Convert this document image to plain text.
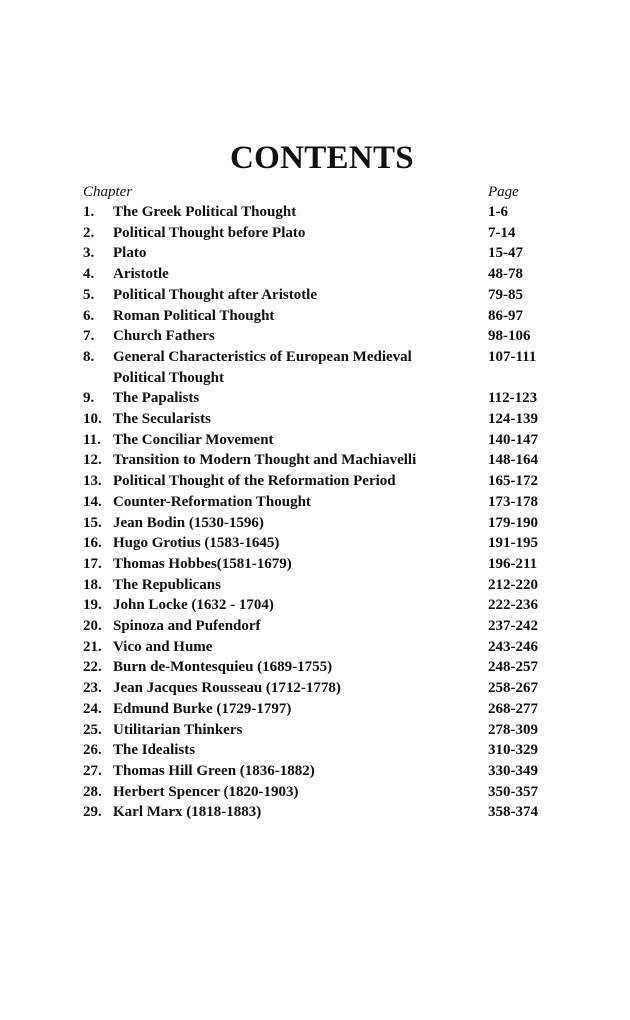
CONTENTS
Chapter	Page
1. The Greek Political Thought	1-6
2. Political Thought before Plato	7-14
3. Plato	15-47
4. Aristotle	48-78
5. Political Thought after Aristotle	79-85
6. Roman Political Thought	86-97
7. Church Fathers	98-106
8. General Characteristics of European Medieval Political Thought
107-111
9. The Papalists	112-123
10. The Secularists	124-139
11. The Conciliar Movement	140-147
12. Transition to Modern Thought and Machiavelli	148-164
13. Political Thought of the Reformation Period	165-172
14. Counter-Reformation Thought	173-178
15. Jean Bodin (1530-1596)	179-190
16. Hugo Grotius (1583-1645)	191-195
17. Thomas Hobbes(1581-1679)	196-211
18. The Republicans	212-220
19. John Locke (1632 - 1704)	222-236
20. Spinoza and Pufendorf	237-242
21. Vico and Hume	243-246
22. Burn de-Montesquieu (1689-1755)	248-257
23. Jean Jacques Rousseau (1712-1778)	258-267
24. Edmund Burke (1729-1797)	268-277
25. Utilitarian Thinkers	278-309
26. The Idealists	310-329
27. Thomas Hill Green (1836-1882)	330-349
28. Herbert Spencer (1820-1903)	350-357
29. Karl Marx (1818-1883)	358-374
